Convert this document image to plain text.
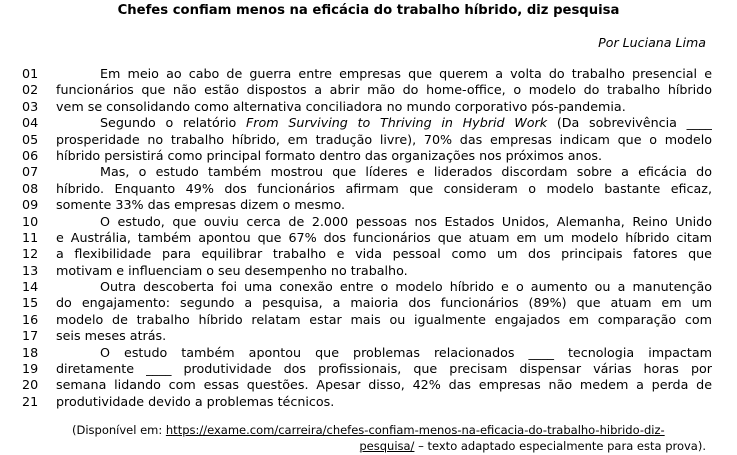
Chefes confiam menos na eficácia do trabalho híbrido, diz pesquisa
Por Luciana Lima
01	Em meio ao cabo de guerra entre empresas que querem a volta do trabalho presencial e
02	funcionários que não estão dispostos a abrir mão do home-office, o modelo do trabalho híbrido
03	vem se consolidando como alternativa conciliadora no mundo corporativo pós-pandemia.
04	Segundo o relatório From Surviving to Thriving in Hybrid Work (Da sobrevivência ____
05	prosperidade no trabalho híbrido, em tradução livre), 70% das empresas indicam que o modelo
06	híbrido persistirá como principal formato dentro das organizações nos próximos anos.
07	Mas, o estudo também mostrou que líderes e liderados discordam sobre a eficácia do
08	híbrido. Enquanto 49% dos funcionários afirmam que consideram o modelo bastante eficaz,
09	somente 33% das empresas dizem o mesmo.
10	O estudo, que ouviu cerca de 2.000 pessoas nos Estados Unidos, Alemanha, Reino Unido
11	e Austrália, também apontou que 67% dos funcionários que atuam em um modelo híbrido citam
12	a flexibilidade para equilibrar trabalho e vida pessoal como um dos principais fatores que
13	motivam e influenciam o seu desempenho no trabalho.
14	Outra descoberta foi uma conexão entre o modelo híbrido e o aumento ou a manutenção
15	do engajamento: segundo a pesquisa, a maioria dos funcionários (89%) que atuam em um
16	modelo de trabalho híbrido relatam estar mais ou igualmente engajados em comparação com
17	seis meses atrás.
18	O estudo também apontou que problemas relacionados ____ tecnologia impactam
19	diretamente ____ produtividade dos profissionais, que precisam dispensar várias horas por
20	semana lidando com essas questões. Apesar disso, 42% das empresas não medem a perda de
21	produtividade devido a problemas técnicos.
(Disponível em: https://exame.com/carreira/chefes-confiam-menos-na-eficacia-do-trabalho-hibrido-diz-
pesquisa/ – texto adaptado especialmente para esta prova).
